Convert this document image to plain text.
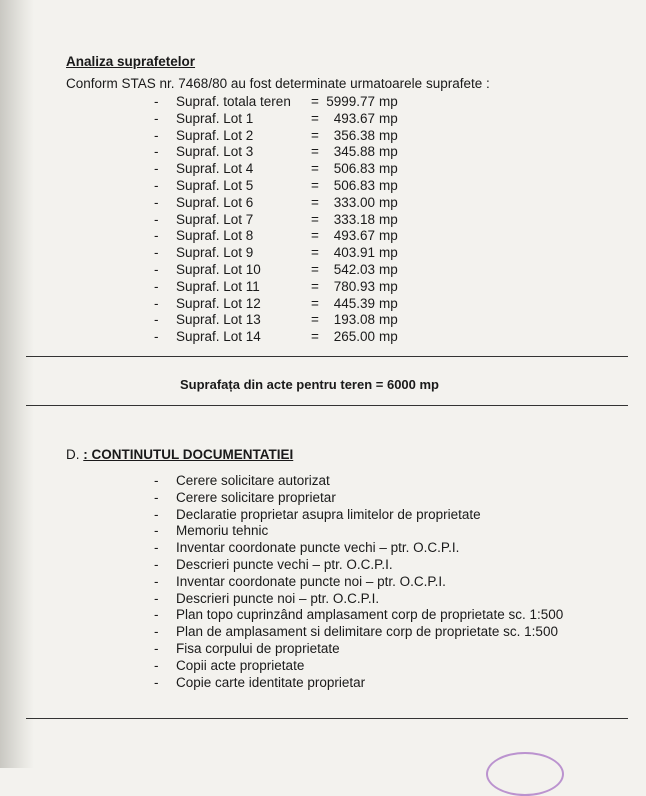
Analiza suprafetelor
Conform STAS nr. 7468/80 au fost determinate urmatoarele suprafete :
- Supraf. totala teren = 5999.77 mp
- Supraf. Lot 1	=	493.67 mp
- Supraf. Lot 2	=	356.38 mp
- Supraf. Lot 3	=	345.88 mp
- Supraf. Lot 4	=	506.83 mp
- Supraf. Lot 5	=	506.83 mp
- Supraf. Lot 6	=	333.00 mp
- Supraf. Lot 7	=	333.18 mp
- Supraf. Lot 8	=	493.67 mp
- Supraf. Lot 9	=	403.91 mp
- Supraf. Lot 10	=	542.03 mp
- Supraf. Lot 11	=	780.93 mp
- Supraf. Lot 12	=	445.39 mp
- Supraf. Lot 13	=	193.08 mp
- Supraf. Lot 14	=	265.00 mp
Suprafața din acte pentru teren = 6000 mp
D. : CONTINUTUL DOCUMENTATIEI
- Cerere solicitare autorizat
- Cerere solicitare proprietar
- Declaratie proprietar asupra limitelor de proprietate
- Memoriu tehnic
- Inventar coordonate puncte vechi – ptr. O.C.P.I.
- Descrieri puncte vechi – ptr. O.C.P.I.
- Inventar coordonate puncte noi – ptr. O.C.P.I.
- Descrieri puncte noi – ptr. O.C.P.I.
- Plan topo cuprinzând amplasament corp de proprietate sc. 1:500
- Plan de amplasament si delimitare corp de proprietate sc. 1:500
- Fisa corpului de proprietate
- Copii acte proprietate
- Copie carte identitate proprietar
